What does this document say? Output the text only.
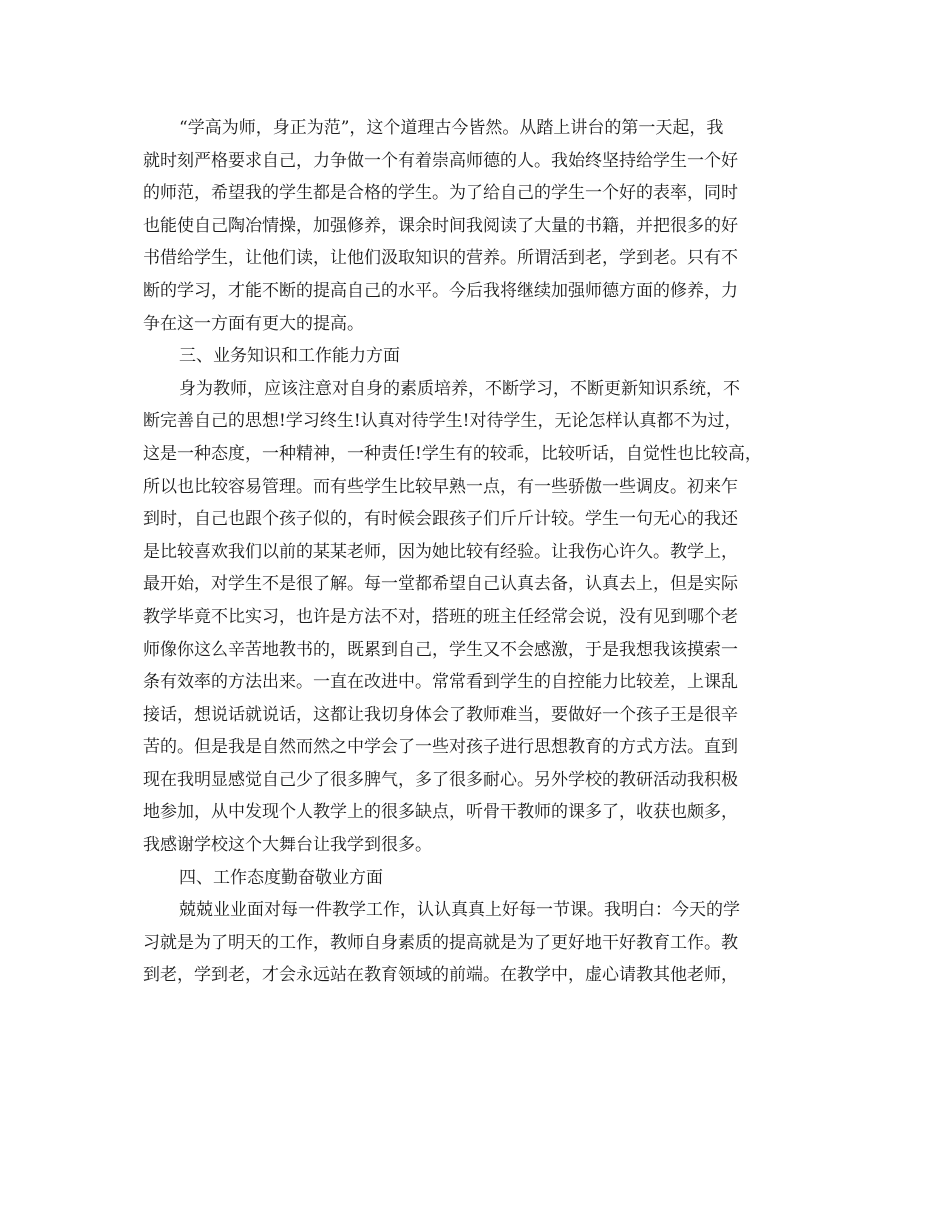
“学高为师，身正为范”，这个道理古今皆然。从踏上讲台的第一天起，我
就时刻严格要求自己，力争做一个有着崇高师德的人。我始终坚持给学生一个好
的师范，希望我的学生都是合格的学生。为了给自己的学生一个好的表率，同时
也能使自己陶冶情操，加强修养，课余时间我阅读了大量的书籍，并把很多的好
书借给学生，让他们读，让他们汲取知识的营养。所谓活到老，学到老。只有不
断的学习，才能不断的提高自己的水平。今后我将继续加强师德方面的修养，力
争在这一方面有更大的提高。
三、业务知识和工作能力方面
身为教师，应该注意对自身的素质培养，不断学习，不断更新知识系统，不
断完善自己的思想!学习终生!认真对待学生!对待学生，无论怎样认真都不为过，
这是一种态度，一种精神，一种责任!学生有的较乖，比较听话，自觉性也比较高，
所以也比较容易管理。而有些学生比较早熟一点，有一些骄傲一些调皮。初来乍
到时，自己也跟个孩子似的，有时候会跟孩子们斤斤计较。学生一句无心的我还
是比较喜欢我们以前的某某老师，因为她比较有经验。让我伤心许久。教学上，
最开始，对学生不是很了解。每一堂都希望自己认真去备，认真去上，但是实际
教学毕竟不比实习，也许是方法不对，搭班的班主任经常会说，没有见到哪个老
师像你这么辛苦地教书的，既累到自己，学生又不会感激，于是我想我该摸索一
条有效率的方法出来。一直在改进中。常常看到学生的自控能力比较差，上课乱
接话，想说话就说话，这都让我切身体会了教师难当，要做好一个孩子王是很辛
苦的。但是我是自然而然之中学会了一些对孩子进行思想教育的方式方法。直到
现在我明显感觉自己少了很多脾气，多了很多耐心。另外学校的教研活动我积极
地参加，从中发现个人教学上的很多缺点，听骨干教师的课多了，收获也颇多，
我感谢学校这个大舞台让我学到很多。
四、工作态度勤奋敬业方面
兢兢业业面对每一件教学工作，认认真真上好每一节课。我明白：今天的学
习就是为了明天的工作，教师自身素质的提高就是为了更好地干好教育工作。教
到老，学到老，才会永远站在教育领域的前端。在教学中，虚心请教其他老师，
